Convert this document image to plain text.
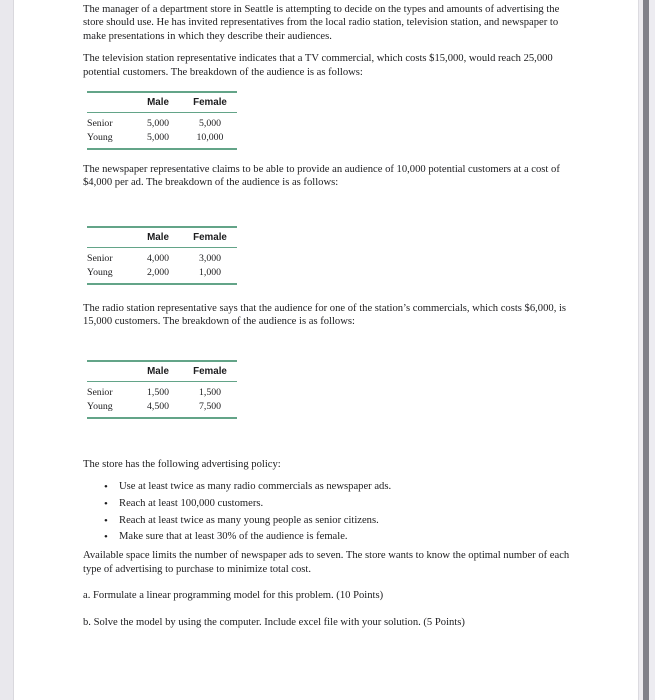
The manager of a department store in Seattle is attempting to decide on the types and amounts of advertising the store should use. He has invited representatives from the local radio station, television station, and newspaper to make presentations in which they describe their audiences.

The television station representative indicates that a TV commercial, which costs $15,000, would reach 25,000 potential customers. The breakdown of the audience is as follows:

	Male	Female
Senior	5,000	5,000
Young	5,000	10,000

The newspaper representative claims to be able to provide an audience of 10,000 potential customers at a cost of $4,000 per ad. The breakdown of the audience is as follows:

	Male	Female
Senior	4,000	3,000
Young	2,000	1,000

The radio station representative says that the audience for one of the station’s commercials, which costs $6,000, is 15,000 customers. The breakdown of the audience is as follows:

	Male	Female
Senior	1,500	1,500
Young	4,500	7,500

The store has the following advertising policy:

• Use at least twice as many radio commercials as newspaper ads.
• Reach at least 100,000 customers.
• Reach at least twice as many young people as senior citizens.
• Make sure that at least 30% of the audience is female.

Available space limits the number of newspaper ads to seven. The store wants to know the optimal number of each type of advertising to purchase to minimize total cost.

a. Formulate a linear programming model for this problem. (10 Points)

b. Solve the model by using the computer. Include excel file with your solution. (5 Points)
